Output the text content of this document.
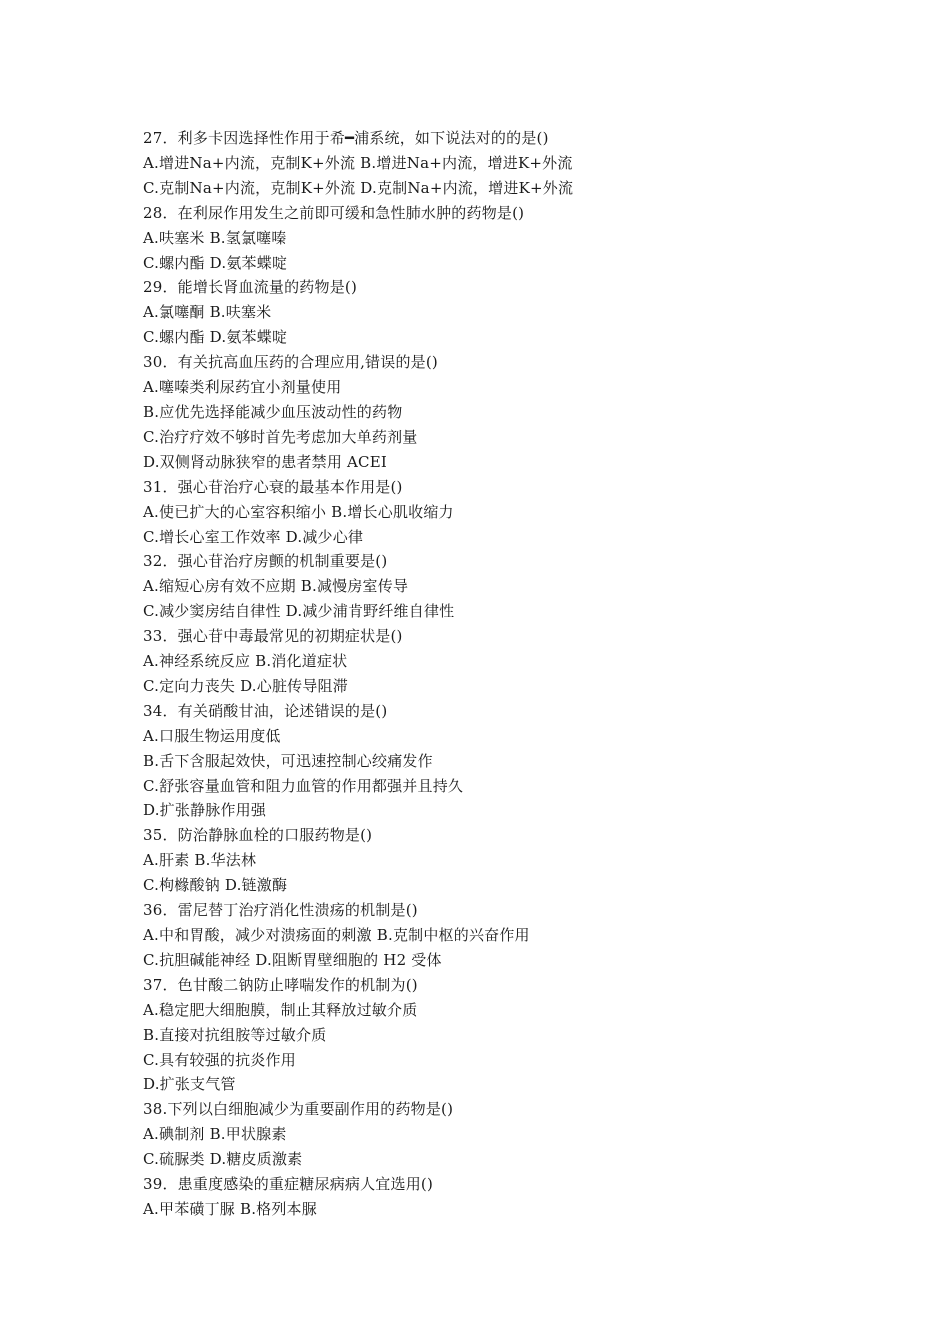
27．利多卡因选择性作用于希━浦系统，如下说法对的的是()
A.增进Na+内流，克制K+外流 B.增进Na+内流，增进K+外流
C.克制Na+内流，克制K+外流 D.克制Na+内流，增进K+外流
28．在利尿作用发生之前即可缓和急性肺水肿的药物是()
A.呋塞米 B.氢氯噻嗪
C.螺内酯 D.氨苯蝶啶
29．能增长肾血流量的药物是()
A.氯噻酮 B.呋塞米
C.螺内酯 D.氨苯蝶啶
30．有关抗高血压药的合理应用,错误的是()
A.噻嗪类利尿药宜小剂量使用
B.应优先选择能减少血压波动性的药物
C.治疗疗效不够时首先考虑加大单药剂量
D.双侧肾动脉狭窄的患者禁用 ACEI
31．强心苷治疗心衰的最基本作用是()
A.使已扩大的心室容积缩小 B.增长心肌收缩力
C.增长心室工作效率 D.减少心律
32．强心苷治疗房颤的机制重要是()
A.缩短心房有效不应期 B.减慢房室传导
C.减少窦房结自律性 D.减少浦肯野纤维自律性
33．强心苷中毒最常见的初期症状是()
A.神经系统反应 B.消化道症状
C.定向力丧失 D.心脏传导阻滞
34．有关硝酸甘油，论述错误的是()
A.口服生物运用度低
B.舌下含服起效快，可迅速控制心绞痛发作
C.舒张容量血管和阻力血管的作用都强并且持久
D.扩张静脉作用强
35．防治静脉血栓的口服药物是()
A.肝素 B.华法林
C.枸橼酸钠 D.链激酶
36．雷尼替丁治疗消化性溃疡的机制是()
A.中和胃酸，减少对溃疡面的刺激 B.克制中枢的兴奋作用
C.抗胆碱能神经 D.阻断胃壁细胞的 H2 受体
37．色甘酸二钠防止哮喘发作的机制为()
A.稳定肥大细胞膜，制止其释放过敏介质
B.直接对抗组胺等过敏介质
C.具有较强的抗炎作用
D.扩张支气管
38.下列以白细胞减少为重要副作用的药物是()
A.碘制剂 B.甲状腺素
C.硫脲类 D.糖皮质激素
39．患重度感染的重症糖尿病病人宜选用()
A.甲苯磺丁脲 B.格列本脲
